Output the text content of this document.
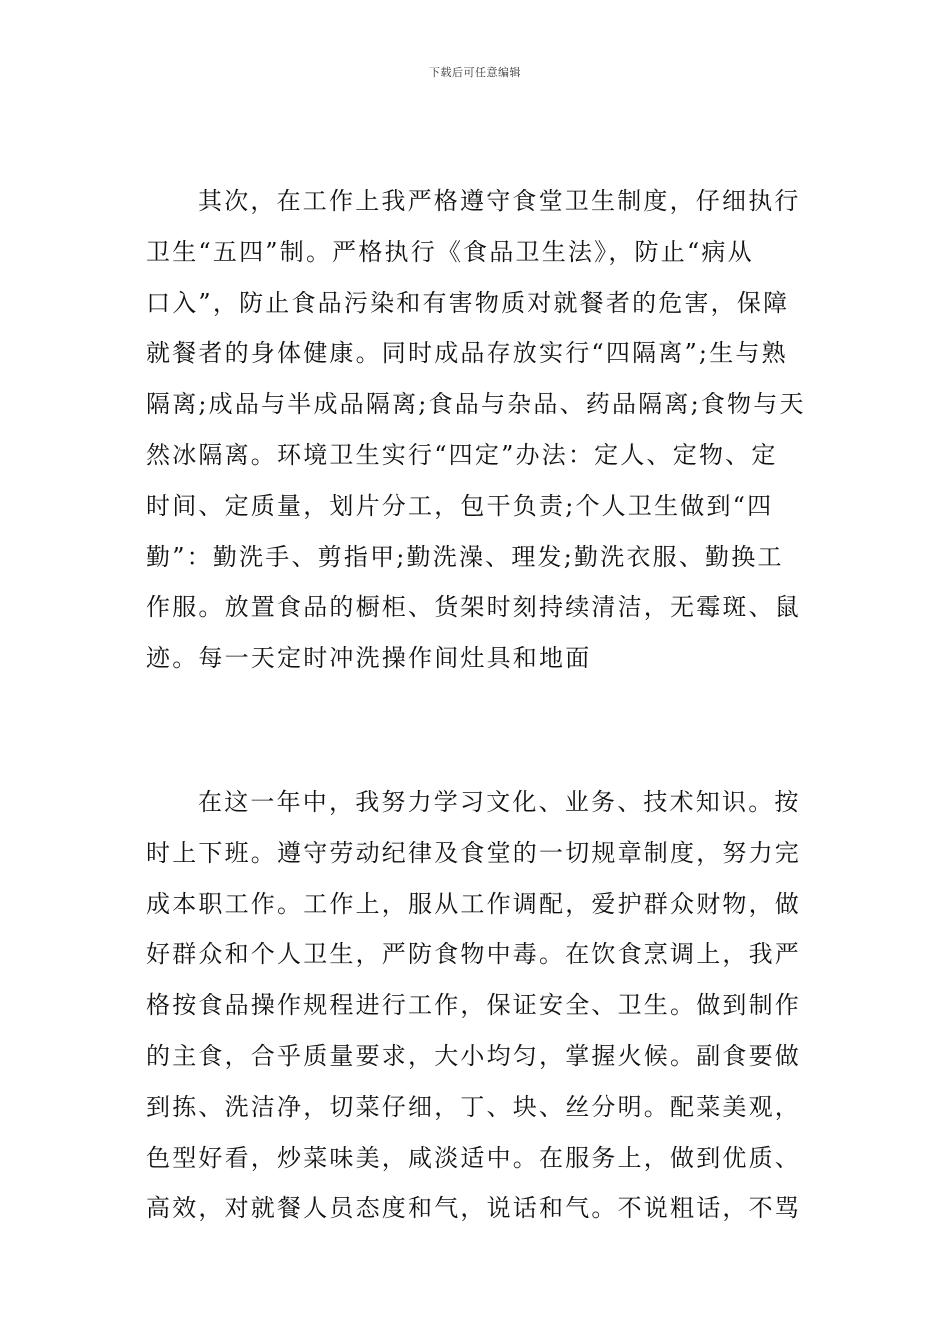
下载后可任意编辑
其次，在工作上我严格遵守食堂卫生制度，仔细执行
卫生“五四”制。严格执行《食品卫生法》，防止“病从
口入”，防止食品污染和有害物质对就餐者的危害，保障
就餐者的身体健康。同时成品存放实行“四隔离”;生与熟
隔离;成品与半成品隔离;食品与杂品、药品隔离;食物与天
然冰隔离。环境卫生实行“四定”办法：定人、定物、定
时间、定质量，划片分工，包干负责;个人卫生做到“四
勤”：勤洗手、剪指甲;勤洗澡、理发;勤洗衣服、勤换工
作服。放置食品的橱柜、货架时刻持续清洁，无霉斑、鼠
迹。每一天定时冲洗操作间灶具和地面
在这一年中，我努力学习文化、业务、技术知识。按
时上下班。遵守劳动纪律及食堂的一切规章制度，努力完
成本职工作。工作上，服从工作调配，爱护群众财物，做
好群众和个人卫生，严防食物中毒。在饮食烹调上，我严
格按食品操作规程进行工作，保证安全、卫生。做到制作
的主食，合乎质量要求，大小均匀，掌握火候。副食要做
到拣、洗洁净，切菜仔细，丁、块、丝分明。配菜美观，
色型好看，炒菜味美，咸淡适中。在服务上，做到优质、
高效，对就餐人员态度和气，说话和气。不说粗话，不骂
